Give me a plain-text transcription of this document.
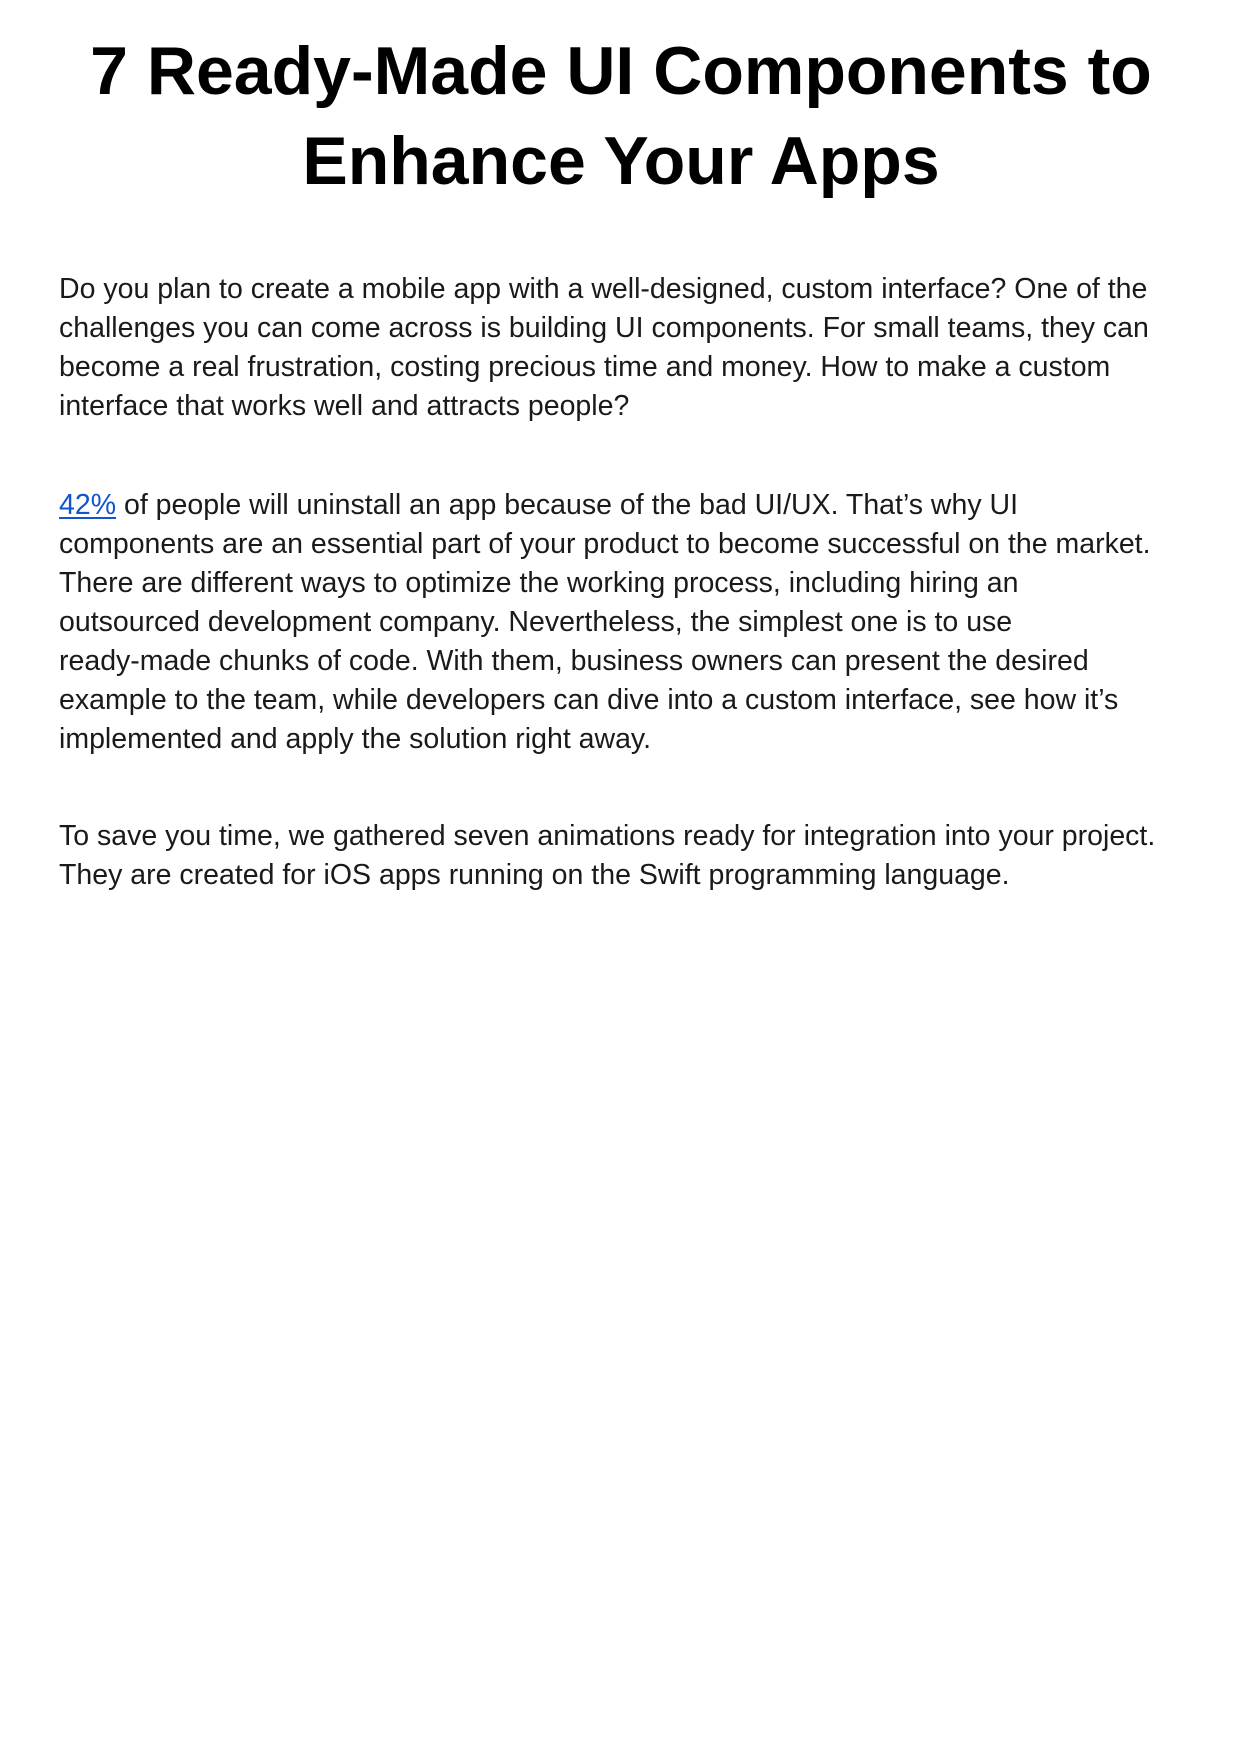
7 Ready-Made UI Components to
Enhance Your Apps

Do you plan to create a mobile app with a well-designed, custom interface? One of the
challenges you can come across is building UI components. For small teams, they can
become a real frustration, costing precious time and money. How to make a custom
interface that works well and attracts people?

42% of people will uninstall an app because of the bad UI/UX. That’s why UI
components are an essential part of your product to become successful on the market.
There are different ways to optimize the working process, including hiring an
outsourced development company. Nevertheless, the simplest one is to use
ready-made chunks of code. With them, business owners can present the desired
example to the team, while developers can dive into a custom interface, see how it’s
implemented and apply the solution right away.

To save you time, we gathered seven animations ready for integration into your project.
They are created for iOS apps running on the Swift programming language.
